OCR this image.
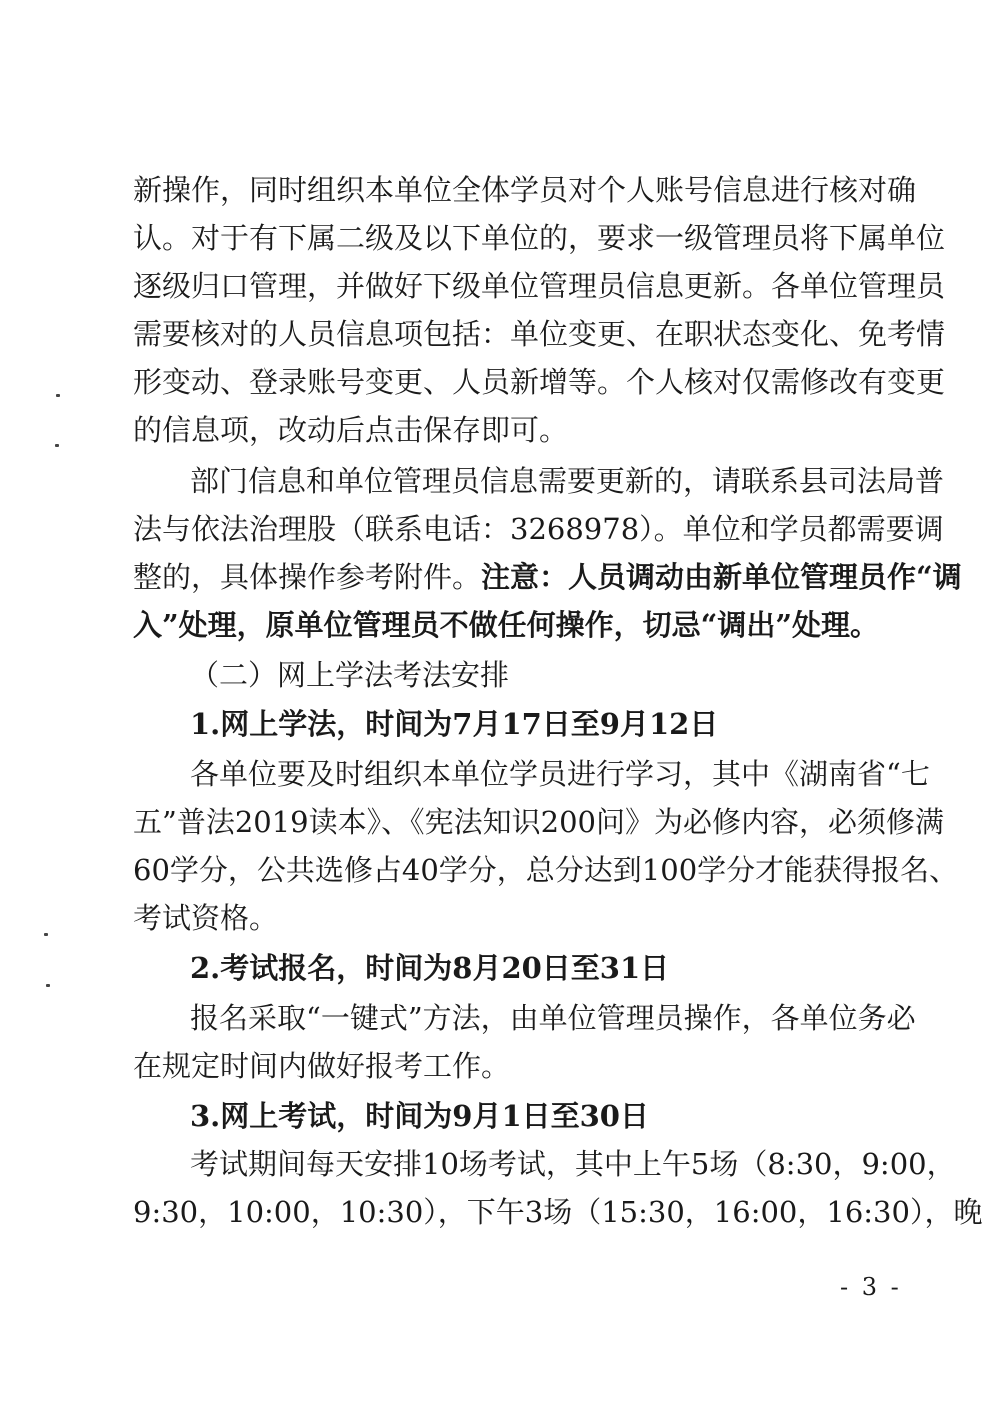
新操作，同时组织本单位全体学员对个人账号信息进行核对确
认。对于有下属二级及以下单位的，要求一级管理员将下属单位
逐级归口管理，并做好下级单位管理员信息更新。各单位管理员
需要核对的人员信息项包括：单位变更、在职状态变化、免考情
形变动、登录账号变更、人员新增等。个人核对仅需修改有变更
的信息项，改动后点击保存即可。
部门信息和单位管理员信息需要更新的，请联系县司法局普
法与依法治理股（联系电话：3268978）。单位和学员都需要调
整的，具体操作参考附件。注意：人员调动由新单位管理员作“调
入”处理，原单位管理员不做任何操作，切忌“调出”处理。
（二）网上学法考法安排
1.网上学法，时间为7月17日至9月12日
各单位要及时组织本单位学员进行学习，其中《湖南省“七
五”普法2019读本》、《宪法知识200问》为必修内容，必须修满
60学分，公共选修占40学分，总分达到100学分才能获得报名、
考试资格。
2.考试报名，时间为8月20日至31日
报名采取“一键式”方法，由单位管理员操作，各单位务必
在规定时间内做好报考工作。
3.网上考试，时间为9月1日至30日
考试期间每天安排10场考试，其中上午5场（8:30，9:00，
9:30，10:00，10:30），下午3场（15:30，16:00，16:30），晚
- 3 -
